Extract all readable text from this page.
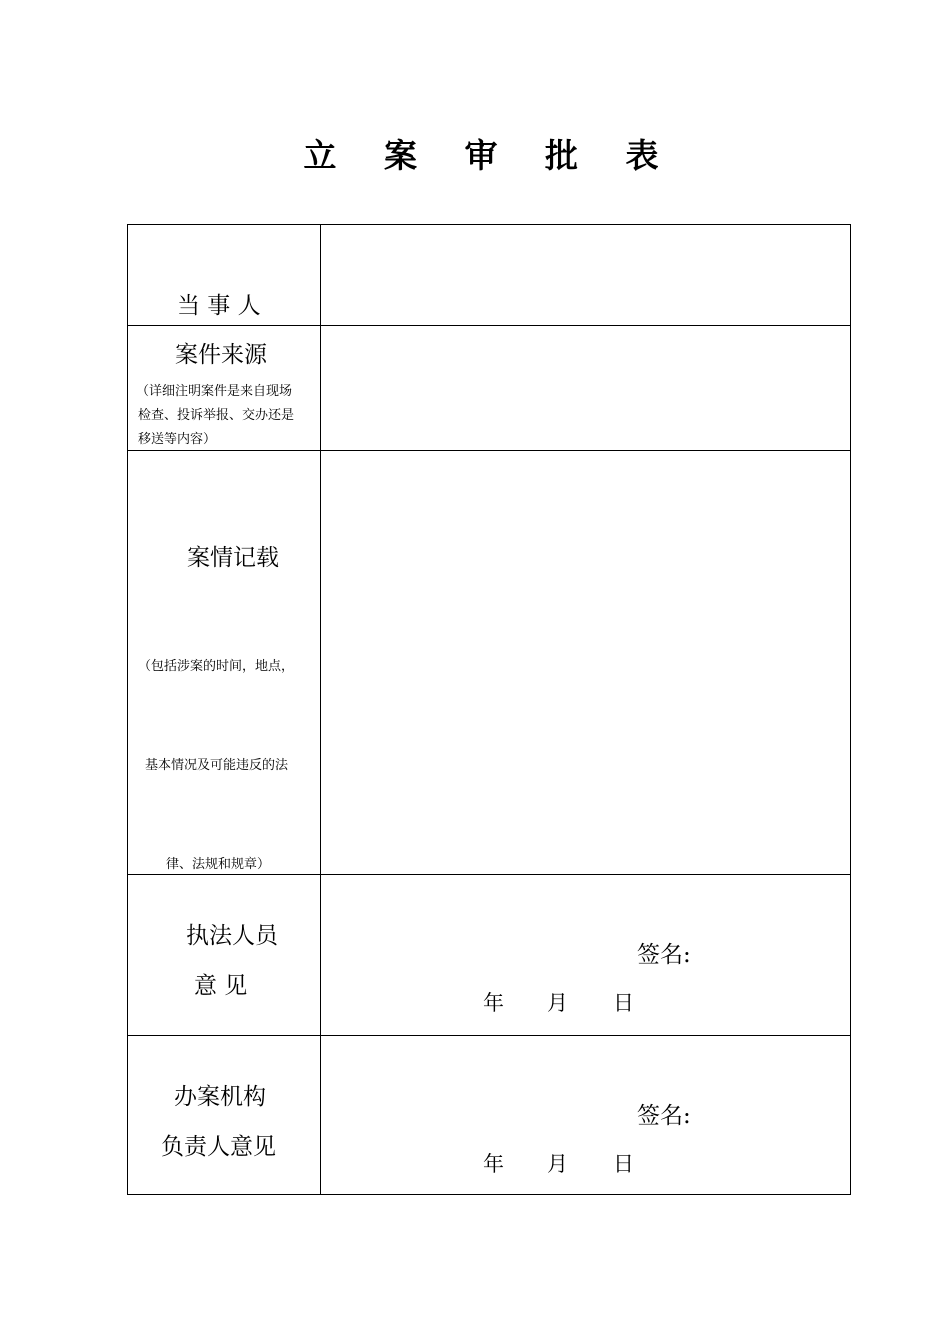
立 案 审 批 表
当 事 人
案件来源
（详细注明案件是来自现场
检查、投诉举报、交办还是
移送等内容）
案情记载
（包括涉案的时间，地点，
基本情况及可能违反的法
律、法规和规章）
执法人员
意 见
签名:
年 月 日
办案机构
负责人意见
签名:
年 月 日
